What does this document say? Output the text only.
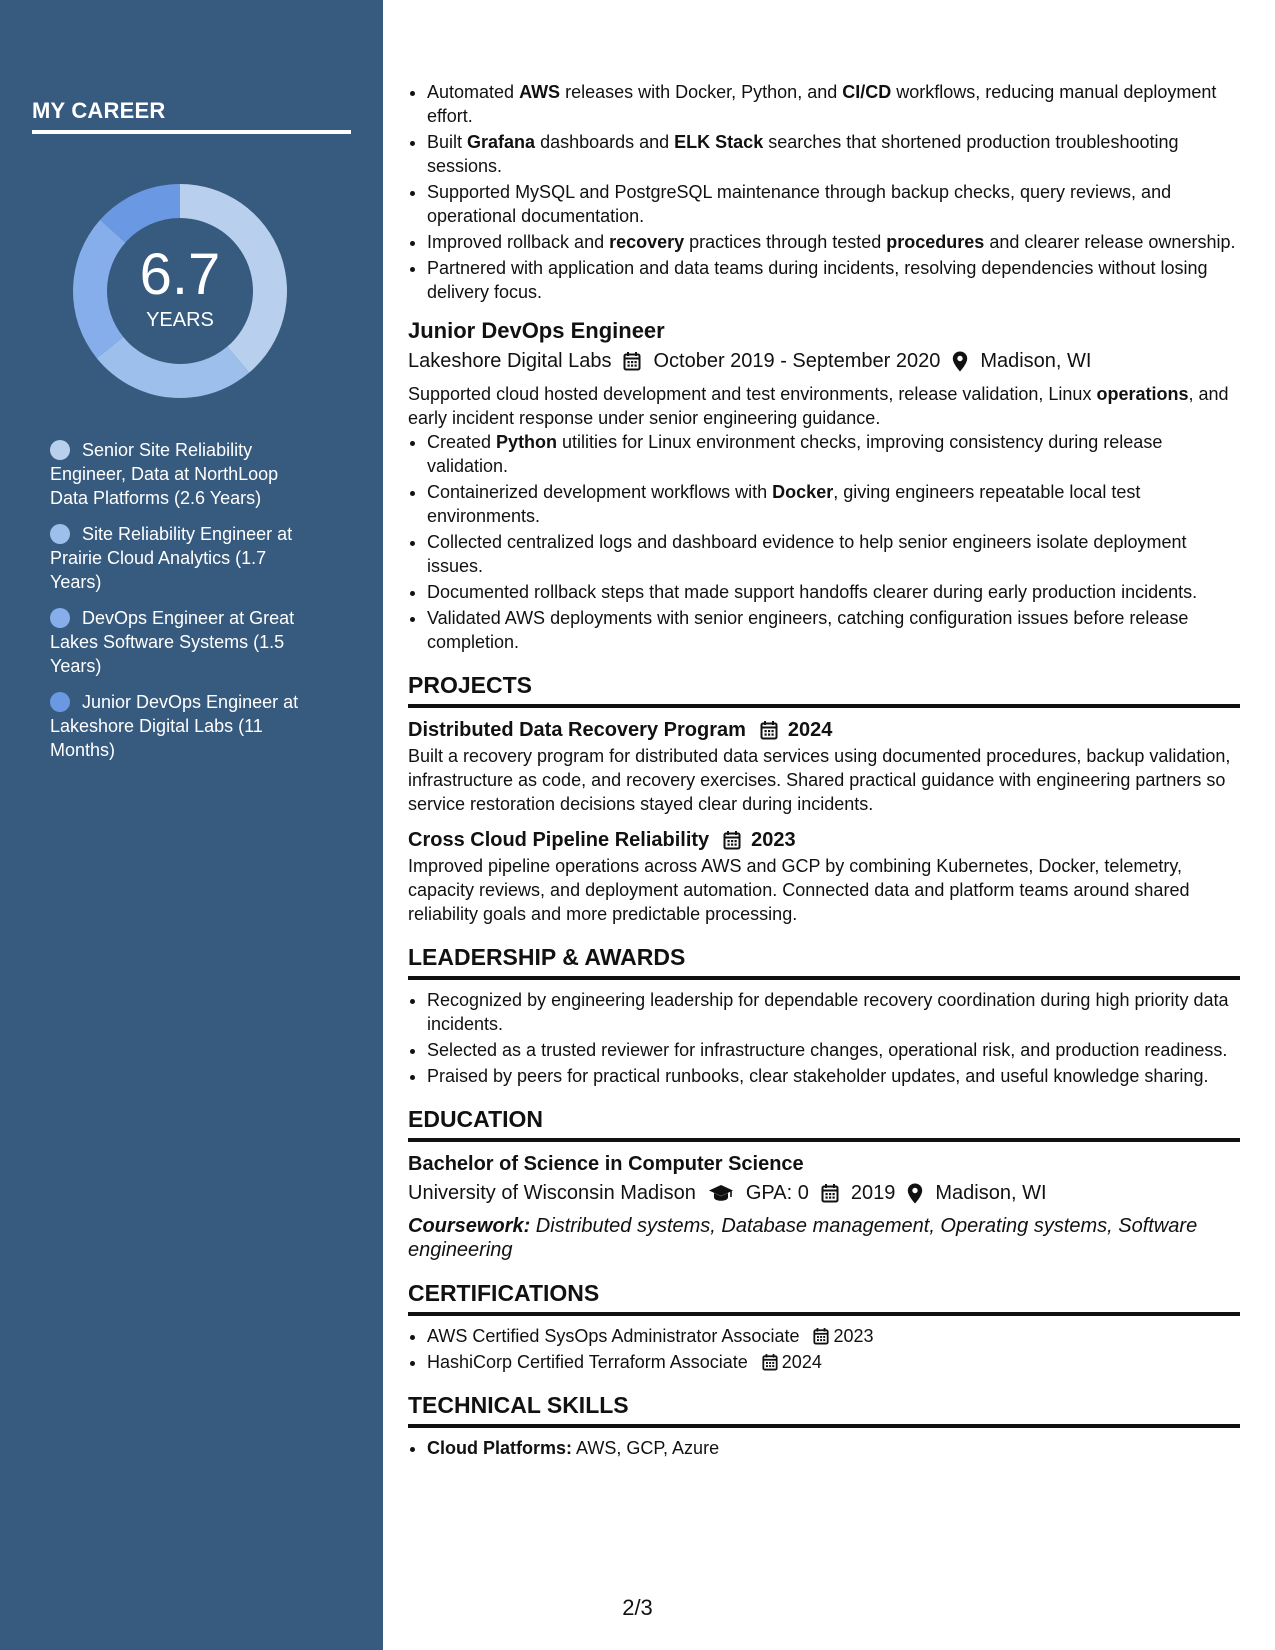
MY CAREER
6.7
YEARS
Senior Site Reliability Engineer, Data at NorthLoop Data Platforms (2.6 Years)
Site Reliability Engineer at Prairie Cloud Analytics (1.7 Years)
DevOps Engineer at Great Lakes Software Systems (1.5 Years)
Junior DevOps Engineer at Lakeshore Digital Labs (11 Months)
• Automated AWS releases with Docker, Python, and CI/CD workflows, reducing manual deployment effort.
• Built Grafana dashboards and ELK Stack searches that shortened production troubleshooting sessions.
• Supported MySQL and PostgreSQL maintenance through backup checks, query reviews, and operational documentation.
• Improved rollback and recovery practices through tested procedures and clearer release ownership.
• Partnered with application and data teams during incidents, resolving dependencies without losing delivery focus.
Junior DevOps Engineer
Lakeshore Digital Labs October 2019 - September 2020 Madison, WI
Supported cloud hosted development and test environments, release validation, Linux operations, and early incident response under senior engineering guidance.
• Created Python utilities for Linux environment checks, improving consistency during release validation.
• Containerized development workflows with Docker, giving engineers repeatable local test environments.
• Collected centralized logs and dashboard evidence to help senior engineers isolate deployment issues.
• Documented rollback steps that made support handoffs clearer during early production incidents.
• Validated AWS deployments with senior engineers, catching configuration issues before release completion.
PROJECTS
Distributed Data Recovery Program 2024
Built a recovery program for distributed data services using documented procedures, backup validation, infrastructure as code, and recovery exercises. Shared practical guidance with engineering partners so service restoration decisions stayed clear during incidents.
Cross Cloud Pipeline Reliability 2023
Improved pipeline operations across AWS and GCP by combining Kubernetes, Docker, telemetry, capacity reviews, and deployment automation. Connected data and platform teams around shared reliability goals and more predictable processing.
LEADERSHIP & AWARDS
• Recognized by engineering leadership for dependable recovery coordination during high priority data incidents.
• Selected as a trusted reviewer for infrastructure changes, operational risk, and production readiness.
• Praised by peers for practical runbooks, clear stakeholder updates, and useful knowledge sharing.
EDUCATION
Bachelor of Science in Computer Science
University of Wisconsin Madison	GPA: 0 2019 Madison, WI
Coursework: Distributed systems, Database management, Operating systems, Software engineering
CERTIFICATIONS
• AWS Certified SysOps Administrator Associate 2023
• HashiCorp Certified Terraform Associate 2024
TECHNICAL SKILLS
• Cloud Platforms: AWS, GCP, Azure
2/3
